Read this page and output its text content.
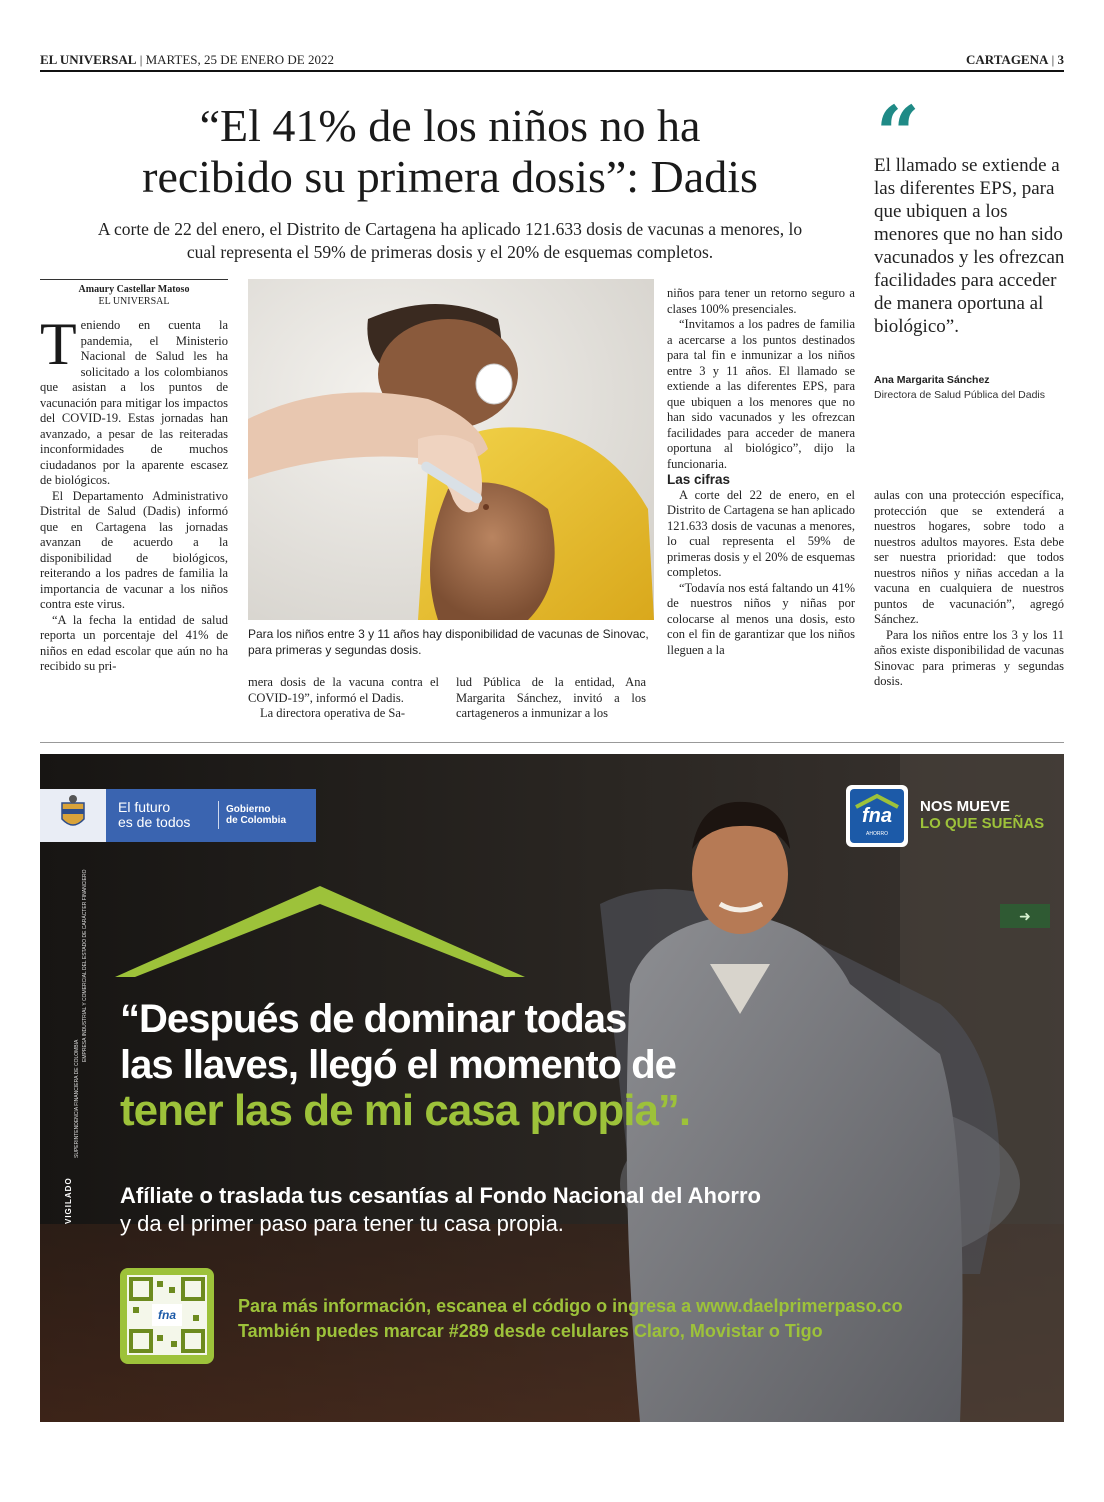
EL UNIVERSAL | MARTES, 25 DE ENERO DE 2022	CARTAGENA | 3
“El 41% de los niños no ha
recibido su primera dosis”: Dadis
A corte de 22 del enero, el Distrito de Cartagena ha aplicado 121.633 dosis de vacunas a menores, lo cual representa el 59% de primeras dosis y el 20% de esquemas completos.
“
El llamado se extiende a las diferentes EPS, para que ubiquen a los menores que no han sido vacunados y les ofrezcan facilidades para acceder de manera oportuna al biológico”.
Ana Margarita Sánchez
Directora de Salud Pública del Dadis
Amaury Castellar Matoso
EL UNIVERSAL

Teniendo en cuenta la pandemia, el Ministerio Nacional de Salud les ha solicitado a los colombianos que asistan a los puntos de vacunación para mitigar los impactos del COVID-19. Estas jornadas han avanzado, a pesar de las reiteradas inconformidades de muchos ciudadanos por la aparente escasez de biológicos.

El Departamento Administrativo Distrital de Salud (Dadis) informó que en Cartagena las jornadas avanzan de acuerdo a la disponibilidad de biológicos, reiterando a los padres de familia la importancia de vacunar a los niños contra este virus.

“A la fecha la entidad de salud reporta un porcentaje del 41% de niños en edad escolar que aún no ha recibido su pri-

Para los niños entre 3 y 11 años hay disponibilidad de vacunas de Sinovac, para primeras y segundas dosis.

mera dosis de la vacuna contra el COVID-19”, informó el Dadis.

La directora operativa de Sa-

lud Pública de la entidad, Ana Margarita Sánchez, invitó a los cartageneros a inmunizar a los

niños para tener un retorno seguro a clases 100% presenciales.

“Invitamos a los padres de familia a acercarse a los puntos destinados para tal fin e inmunizar a los niños entre 3 y 11 años. El llamado se extiende a las diferentes EPS, para que ubiquen a los menores que no han sido vacunados y les ofrezcan facilidades para acceder de manera oportuna al biológico”, dijo la funcionaria.

Las cifras

A corte del 22 de enero, en el Distrito de Cartagena se han aplicado 121.633 dosis de vacunas a menores, lo cual representa el 59% de primeras dosis y el 20% de esquemas completos.

“Todavía nos está faltando un 41% de nuestros niños y niñas por colocarse al menos una dosis, esto con el fin de garantizar que los niños lleguen a la

aulas con una protección específica, protección que se extenderá a nuestros hogares, sobre todo a nuestros adultos mayores. Esta debe ser nuestra prioridad: que todos nuestros niños y niñas accedan a la vacuna en cualquiera de nuestros puntos de vacunación”, agregó Sánchez.

Para los niños entre los 3 y los 11 años existe disponibilidad de vacunas Sinovac para primeras y segundas dosis.

➜
El futuro
es de todos
Gobierno
de Colombia	fna
AHORRO
NOS MUEVE
LO QUE SUEÑAS
SUPERINTENDENCIA FINANCIERA DE COLOMBIA
EMPRESA INDUSTRIAL Y COMERCIAL DEL ESTADO DE CARÁCTER FINANCIERO “Después de dominar todas
las llaves, llegó el momento de
tener las de mi casa propia”.
Afíliate o traslada tus cesantías al Fondo Nacional del Ahorro
y da el primer paso para tener tu casa propia.
fna	Para más información, escanea el código o ingresa a www.daelprimerpaso.co
También puedes marcar #289 desde celulares Claro, Movistar o Tigo
